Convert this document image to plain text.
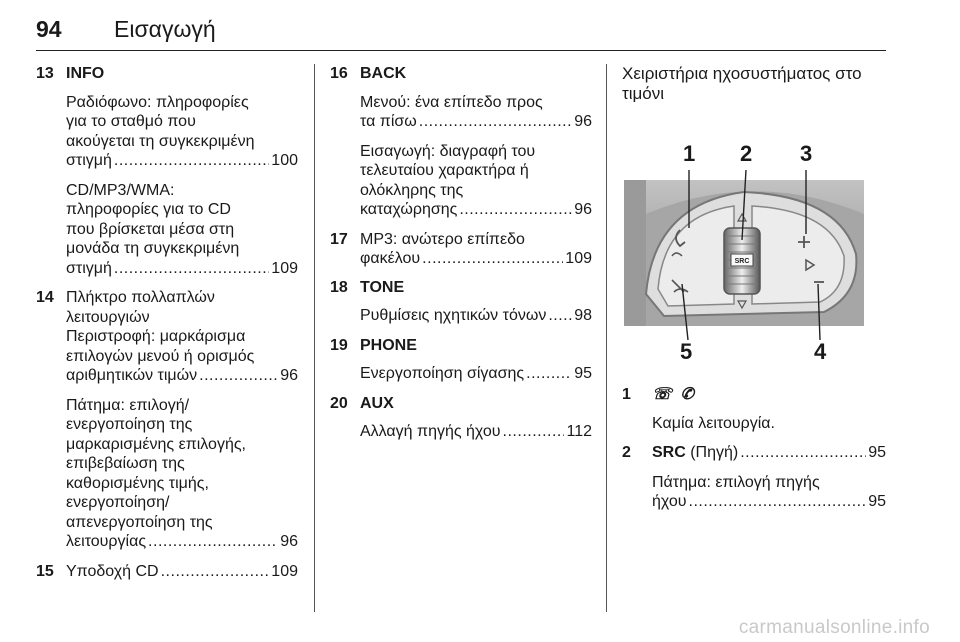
94 Εισαγωγή
13 INFO
Ραδιόφωνο: πληροφορίες
για το σταθμό που
ακούγεται τη συγκεκριμένη
στιγμή .....	100
CD/MP3/WMA:
πληροφορίες για το CD
που βρίσκεται μέσα στη
μονάδα τη συγκεκριμένη
στιγμή .....	109
14 Πλήκτρο πολλαπλών
λειτουργιών
Περιστροφή: μαρκάρισμα
επιλογών μενού ή ορισμός
αριθμητικών τιμών .....	96
Πάτημα: επιλογή/
ενεργοποίηση της
μαρκαρισμένης επιλογής,
επιβεβαίωση της
καθορισμένης τιμής,
ενεργοποίηση/
απενεργοποίηση της
λειτουργίας .....	96
15 Υποδοχή CD .....	109
16 BACK
Μενού: ένα επίπεδο προς
τα πίσω .....	96
Εισαγωγή: διαγραφή του
τελευταίου χαρακτήρα ή
ολόκληρης της
καταχώρησης .....	96
17 MP3: ανώτερο επίπεδο
φακέλου .....	109
18 TONE
Ρυθμίσεις ηχητικών τόνων ..... 98
19 PHONE
Ενεργοποίηση σίγασης .....	95
20 AUX
Αλλαγή πηγής ήχου .....	112
Χειριστήρια ηχοσυστήματος στο
τιμόνι
SRC
1 2 3
4
5
1 ☏ ✆
Καμία λειτουργία.
2 SRC (Πηγή) .....	95
Πάτημα: επιλογή πηγής
ήχου .....	95
carmanualsonline.info
